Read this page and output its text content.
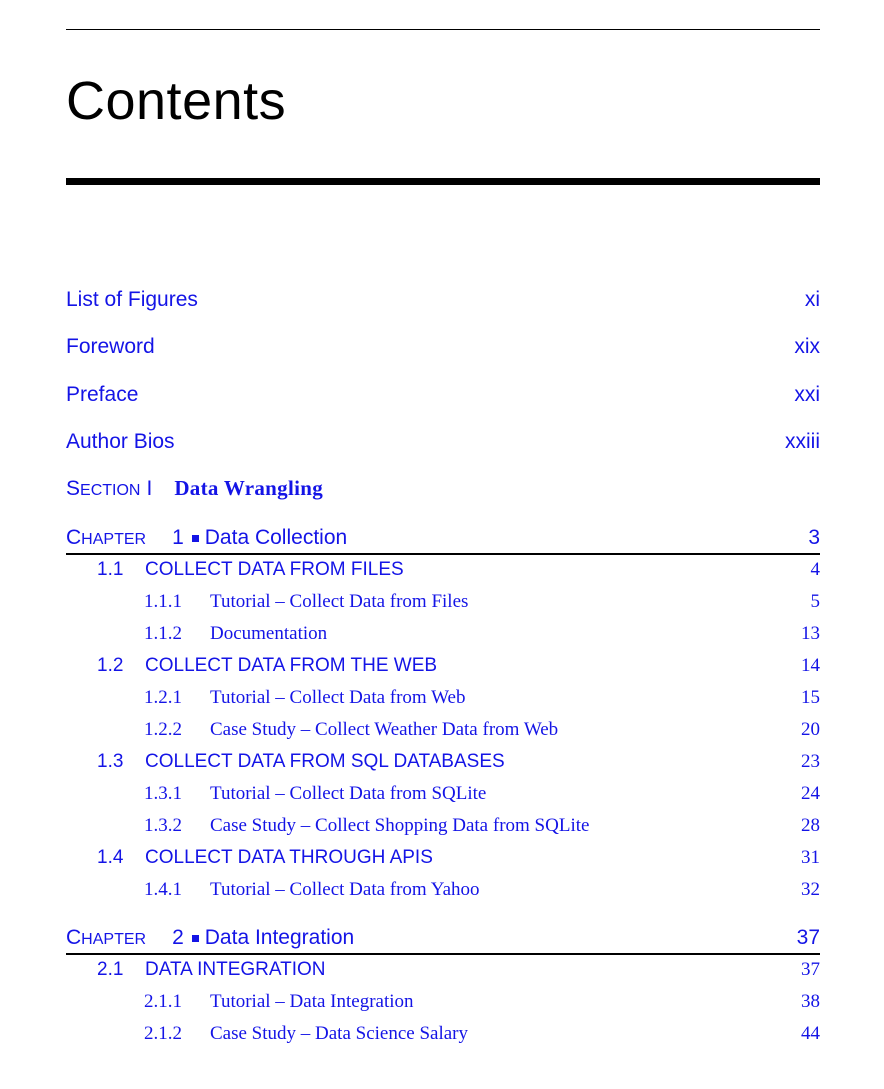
Contents
List of Figures	xi
Foreword	xix
Preface	xxi
Author Bios	xxiii
SECTION I Data Wrangling
CHAPTER 1 Data Collection	3
1.1	COLLECT DATA FROM FILES	4
1.1.1	Tutorial – Collect Data from Files	5
1.1.2	Documentation	13
1.2	COLLECT DATA FROM THE WEB	14
1.2.1	Tutorial – Collect Data from Web	15
1.2.2	Case Study – Collect Weather Data from Web	20
1.3	COLLECT DATA FROM SQL DATABASES	23
1.3.1	Tutorial – Collect Data from SQLite	24
1.3.2	Case Study – Collect Shopping Data from SQLite	28
1.4	COLLECT DATA THROUGH APIS	31
1.4.1	Tutorial – Collect Data from Yahoo	32
CHAPTER 2 Data Integration	37
2.1	DATA INTEGRATION	37
2.1.1	Tutorial – Data Integration	38
2.1.2	Case Study – Data Science Salary	44
